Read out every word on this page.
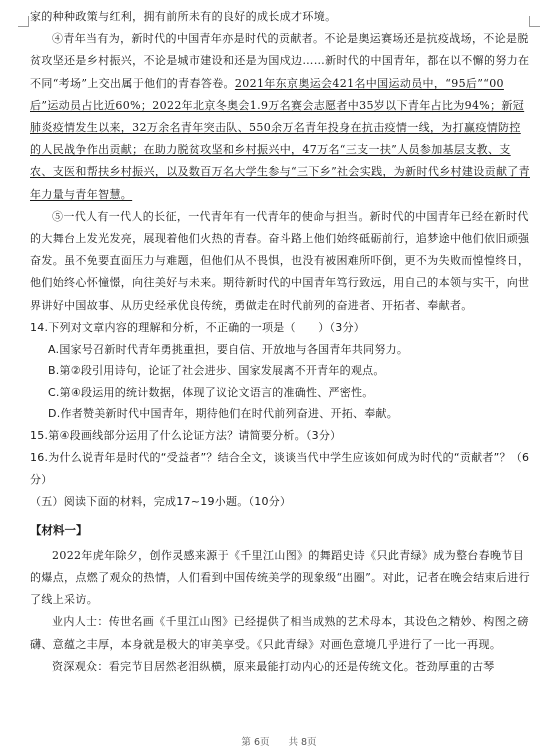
家的种种政策与红利，拥有前所未有的良好的成长成才环境。

④青年当有为，新时代的中国青年亦是时代的贡献者。不论是奥运赛场还是抗疫战场，不论是脱贫攻坚还是乡村振兴，不论是城市建设和还是为国戍边……新时代的中国青年，都在以不懈的努力在不同“考场”上交出属于他们的青春答卷。2021年东京奥运会421名中国运动员中，“95后”“00后”运动员占比近60%；2022年北京冬奥会1.9万名赛会志愿者中35岁以下青年占比为94%；新冠肺炎疫情发生以来，32万余名青年突击队、550余万名青年投身在抗击疫情一线，为打赢疫情防控的人民战争作出贡献；在助力脱贫攻坚和乡村振兴中，47万名“三支一扶”人员参加基层支教、支农、支医和帮扶乡村振兴，以及数百万名大学生参与“三下乡”社会实践，为新时代乡村建设贡献了青年力量与青年智慧。

⑤一代人有一代人的长征，一代青年有一代青年的使命与担当。新时代的中国青年已经在新时代的大舞台上发光发亮，展现着他们火热的青春。奋斗路上他们始终砥砺前行，追梦途中他们依旧顽强奋发。虽不免要直面压力与难题，但他们从不畏惧，也没有被困难所吓倒，更不为失败而惶惶终日，他们始终心怀憧憬，向往美好与未来。期待新时代的中国青年笃行致远，用自己的本领与实干，向世界讲好中国故事、从历史经承优良传统，勇做走在时代前列的奋进者、开拓者、奉献者。

14.下列对文章内容的理解和分析，不正确的一项是（　　）（3分）

A.国家号召新时代青年勇挑重担，要自信、开放地与各国青年共同努力。

B.第②段引用诗句，论证了社会进步、国家发展离不开青年的观点。

C.第④段运用的统计数据，体现了议论文语言的准确性、严密性。

D.作者赞美新时代中国青年，期待他们在时代前列奋进、开拓、奉献。

15.第④段画线部分运用了什么论证方法？请简要分析。（3分）

16.为什么说青年是时代的“受益者”？结合全文，谈谈当代中学生应该如何成为时代的“贡献者”？（6分）

（五）阅读下面的材料，完成17~19小题。（10分）

【材料一】

2022年虎年除夕，创作灵感来源于《千里江山图》的舞蹈史诗《只此青绿》成为整台春晚节目的爆点，点燃了观众的热情，人们看到中国传统美学的现象级“出圈”。对此，记者在晚会结束后进行了线上采访。

业内人士：传世名画《千里江山图》已经提供了相当成熟的艺术母本，其设色之精妙、构图之磅礴、意蕴之丰厚，本身就是极大的审美享受。《只此青绿》对画色意境几乎进行了一比一再现。

资深观众：看完节目居然老泪纵横，原来最能打动内心的还是传统文化。苍劲厚重的古琴

第 6页　　共 8页
